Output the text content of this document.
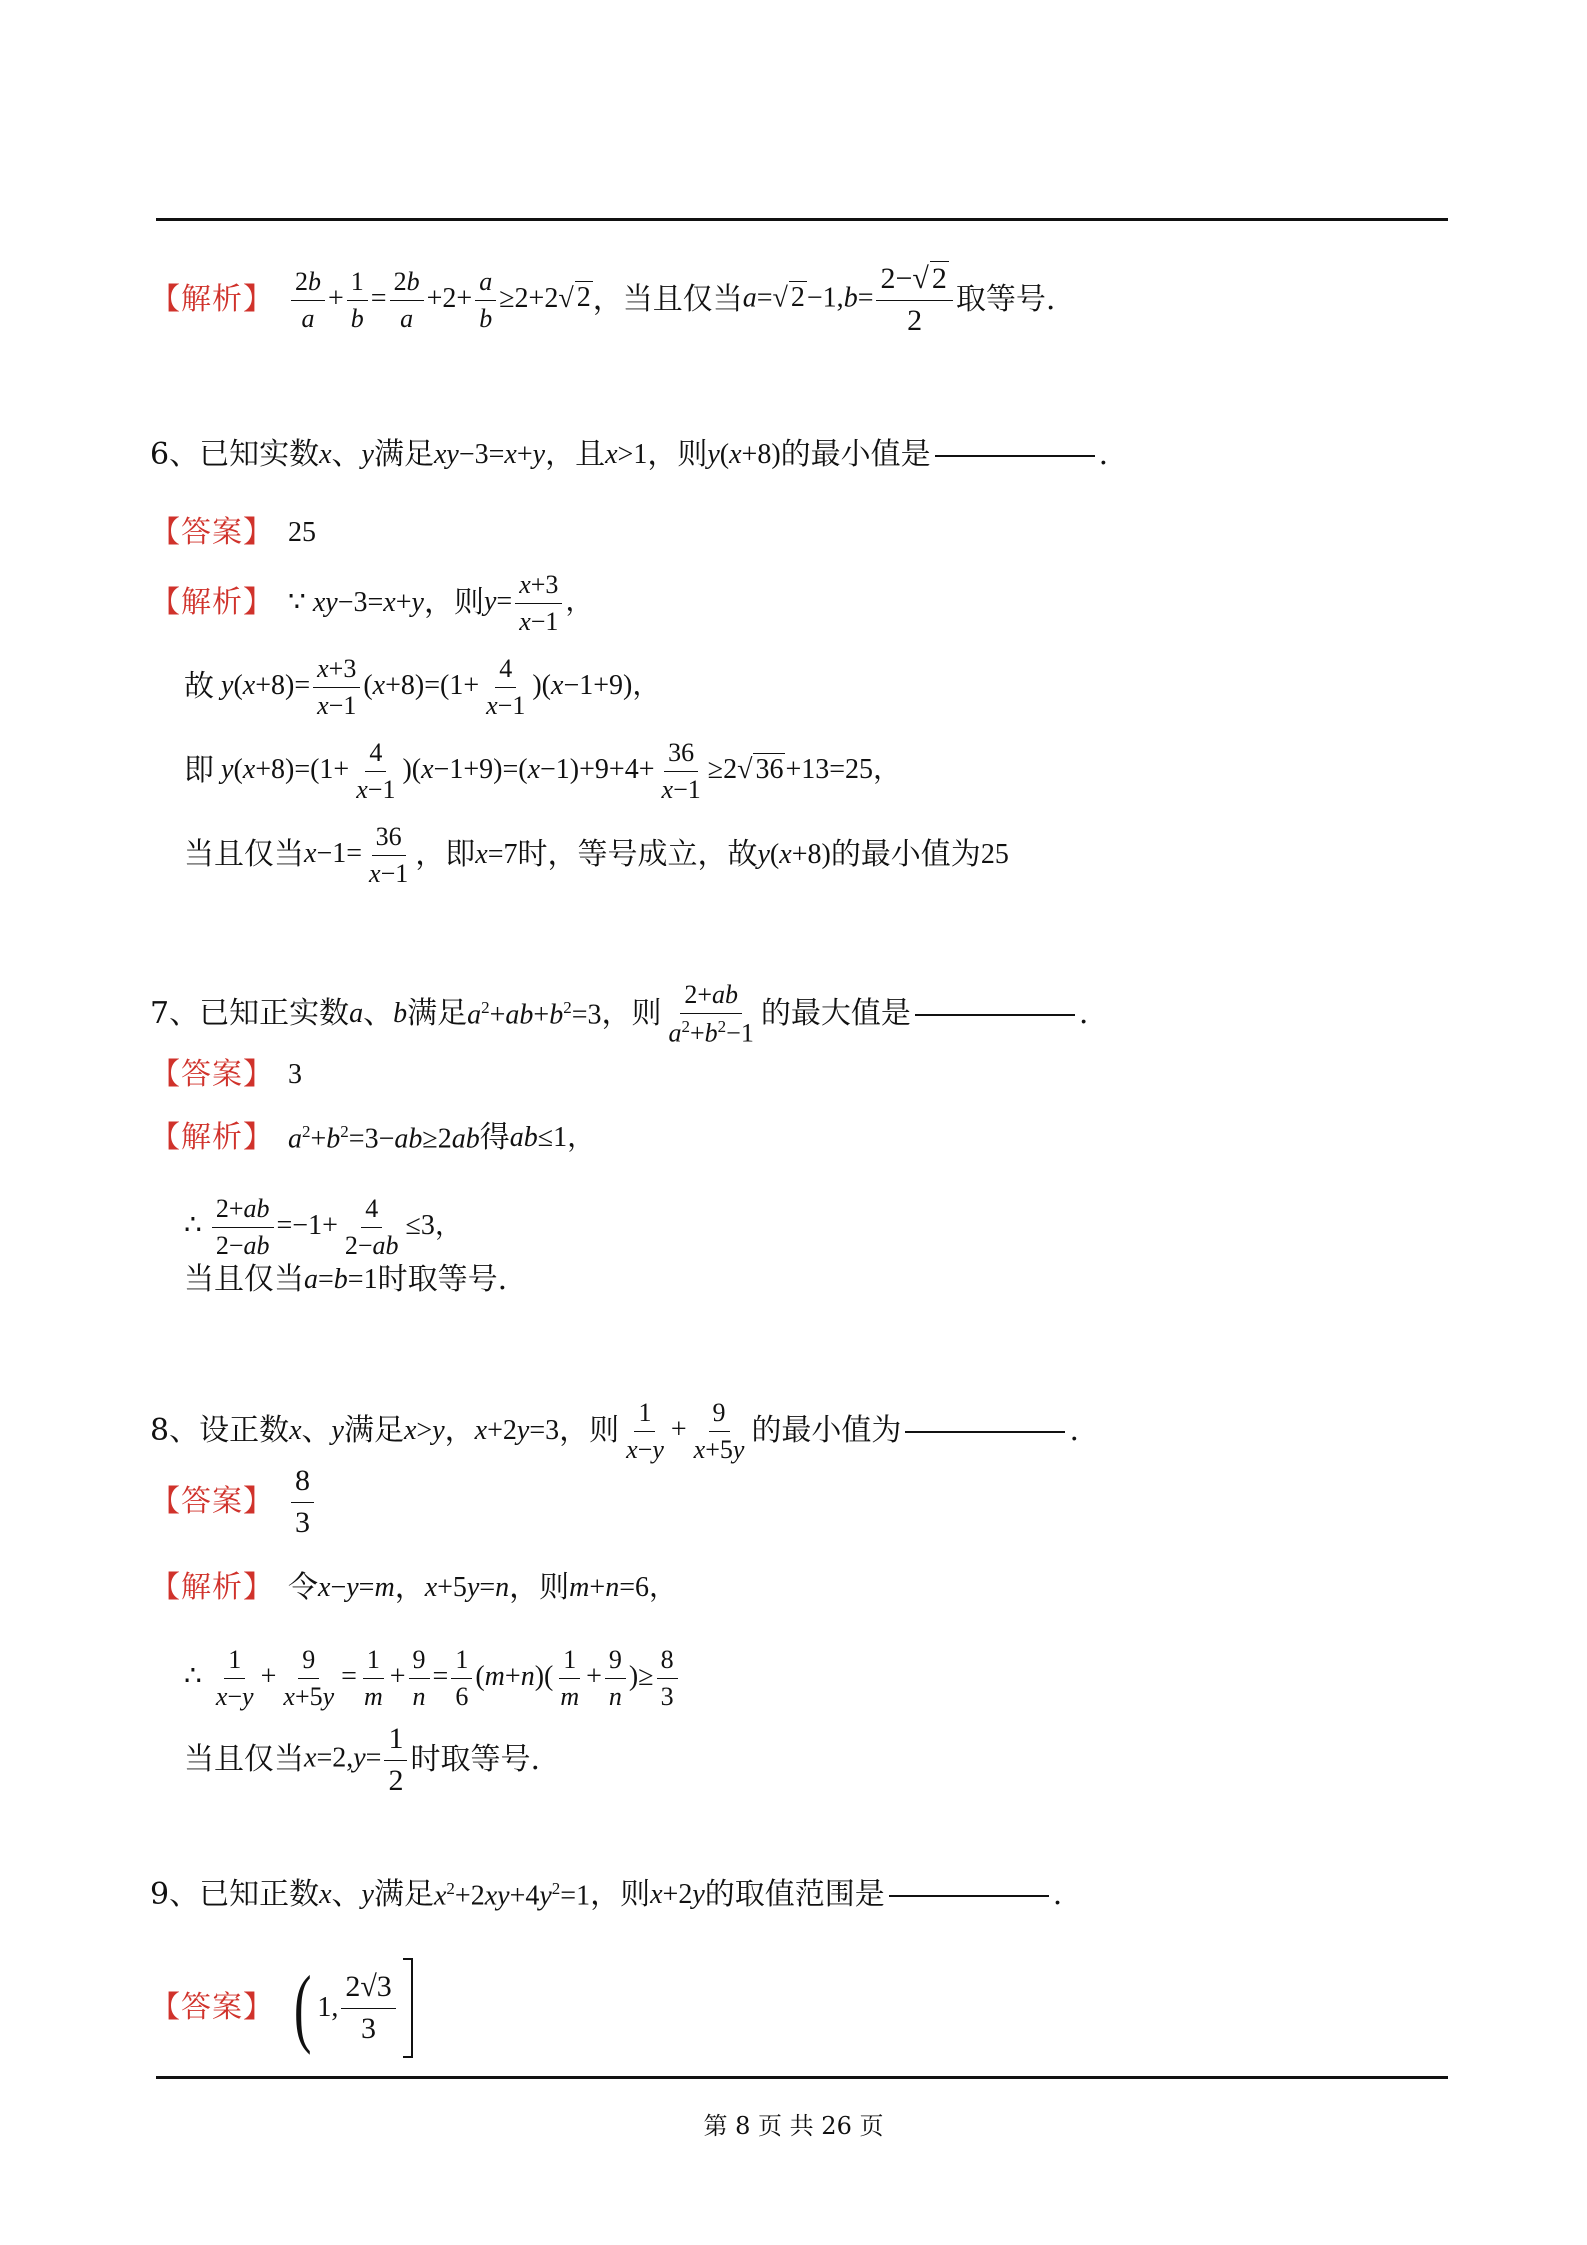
【解析】 $\frac{2b}{a} + \frac{1}{b} = \frac{2b}{a} +2+ \frac{a}{b} \ge 2+2√$ 2 ，当且仅当 a=√ $2-1,b= \frac{2-√ 2}{2}$ 取等号.
6、已知实数 x 、 y 满足 xy−3=x+y ，且 x>1 ，则 y(x+8) 的最小值是	.
【答案】 25
【解析】 ∵ xy−3=x+y ，则 $y= \frac{x+3}{x-1}$ ，
故 $y(x+8)= \frac{x+3}{x-1} (x+8)=(1+ \frac{4}{x-1} )(x-1+9)$，
即 $y(x+8)=(1+ \frac{4}{x-1} )(x-1+9)=(x-1)+9+4+ \frac{36}{x-1} \ge 2√$ 36+13=25，
当且仅当 $x-1= \frac{36}{x-1}$ ，即 x=7 时，等号成立，故 y(x+8) 的最小值为 25
7、已知正实数 a 、 b 满足 $a^2+ab+b^2=3$ ，则 $\frac{2+ab}{a^2+b^2-1}$ 的最大值是	.
【答案】 3
【解析】 $a^2+b^2=3-ab\ge 2ab$ 得 ab≤1，
∴ $\frac{2+ab}{2-ab} =-1+ \frac{4}{2-ab} \le 3$，
当且仅当 a=b=1 时取等号.
8、设正数 x 、 y 满足 x>y ， x+2y=3 ，则 $\frac{1}{x-y} + \frac{9}{x+5y}$ 的最小值为	.
【答案】 $\frac{8}{3}$
【解析】 令 x−y=m ， x+5y=n ，则 m+n=6，
∴ $\frac{1}{x-y} + \frac{9}{x+5y} = \frac{1}{m} + \frac{9}{n} = \frac{1}{6} (m+n)( \frac{1}{m} + \frac{9}{n}$ )≥ $\frac{8}{3}$
当且仅当 $x=2,y= \frac{1}{2}$ 时取等号.
9、已知正数 x 、 y 满足 $x^2+2xy+4y^2=1$ ，则 x+2y 的取值范围是	.
【答案】 ( 1, $\frac{2√3}{3}$
第 8 页 共 26 页
